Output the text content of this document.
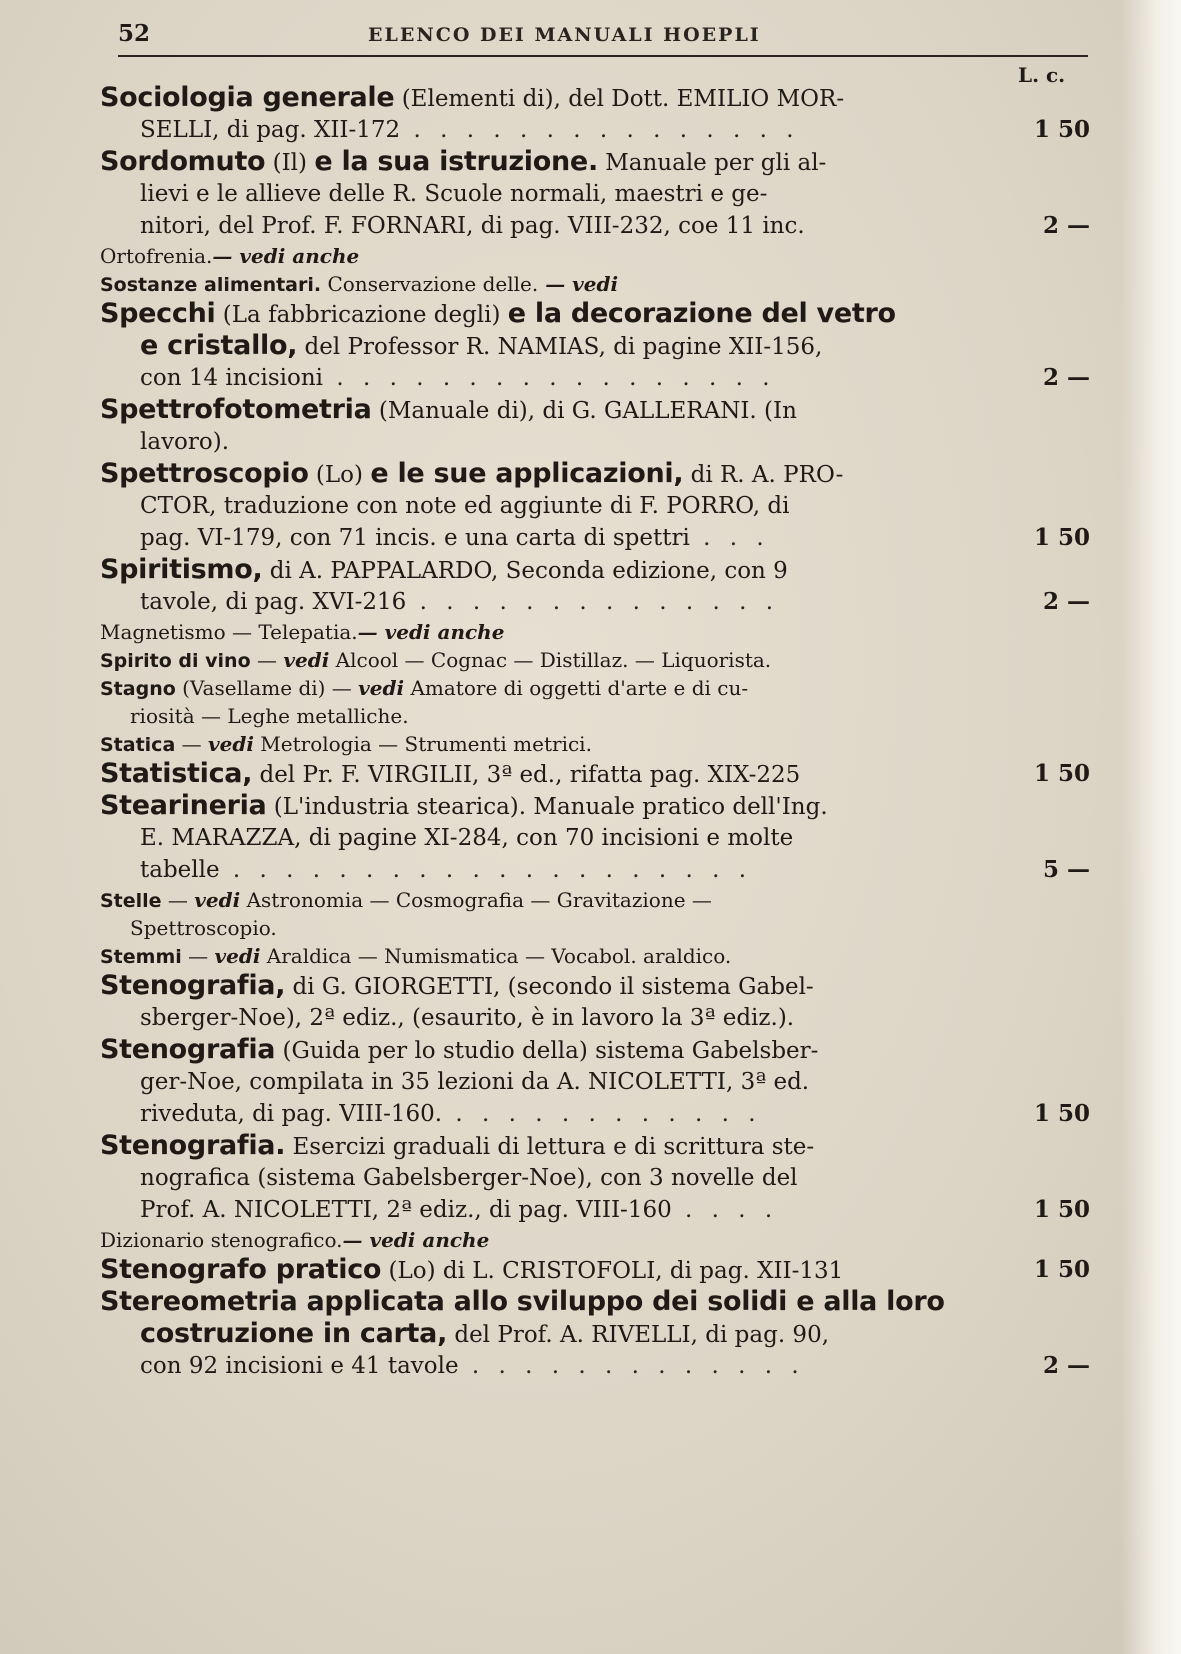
52	ELENCO DEI MANUALI HOEPLI
L. c.
Sociologia generale (Elementi di), del Dott. EMILIO MOR-
SELLI, di pag. XII-172 . . . . . . . . . . . . . . .	1 50
Sordomuto (Il) e la sua istruzione. Manuale per gli al-
lievi e le allieve delle R. Scuole normali, maestri e ge-
nitori, del Prof. F. FORNARI, di pag. VIII-232, coe 11 inc.	2 —
Ortofrenia.— vedi anche
Sostanze alimentari. Conservazione delle. — vedi
Specchi (La fabbricazione degli) e la decorazione del vetro
e cristallo, del Professor R. NAMIAS, di pagine XII-156,
con 14 incisioni . . . . . . . . . . . . . . . . .	2 —
Spettrofotometria (Manuale di), di G. GALLERANI. (In
lavoro).
Spettroscopio (Lo) e le sue applicazioni, di R. A. PRO-
CTOR, traduzione con note ed aggiunte di F. PORRO, di
pag. VI-179, con 71 incis. e una carta di spettri . . .	1 50
Spiritismo, di A. PAPPALARDO, Seconda edizione, con 9
tavole, di pag. XVI-216 . . . . . . . . . . . . . .	2 —
Magnetismo — Telepatia.— vedi anche
Spirito di vino — vedi Alcool — Cognac — Distillaz. — Liquorista.
Stagno (Vasellame di) — vedi Amatore di oggetti d'arte e di cu-
riosità — Leghe metalliche.
Statica — vedi Metrologia — Strumenti metrici.
Statistica, del Pr. F. VIRGILII, 3ª ed., rifatta pag. XIX-225	1 50
Stearineria (L'industria stearica). Manuale pratico dell'Ing.
E. MARAZZA, di pagine XI-284, con 70 incisioni e molte
tabelle . . . . . . . . . . . . . . . . . . . .	5 —
Stelle — vedi Astronomia — Cosmografia — Gravitazione —
Spettroscopio.
Stemmi — vedi Araldica — Numismatica — Vocabol. araldico.
Stenografia, di G. GIORGETTI, (secondo il sistema Gabel-
sberger-Noe), 2ª ediz., (esaurito, è in lavoro la 3ª ediz.).
Stenografia (Guida per lo studio della) sistema Gabelsber-
ger-Noe, compilata in 35 lezioni da A. NICOLETTI, 3ª ed.
riveduta, di pag. VIII-160. . . . . . . . . . . . .	1 50
Stenografia. Esercizi graduali di lettura e di scrittura ste-
nografica (sistema Gabelsberger-Noe), con 3 novelle del
Prof. A. NICOLETTI, 2ª ediz., di pag. VIII-160 . . . .	1 50
Dizionario stenografico.— vedi anche
Stenografo pratico (Lo) di L. CRISTOFOLI, di pag. XII-131	1 50
Stereometria applicata allo sviluppo dei solidi e alla loro
costruzione in carta, del Prof. A. RIVELLI, di pag. 90,
con 92 incisioni e 41 tavole . . . . . . . . . . . . .	2 —
